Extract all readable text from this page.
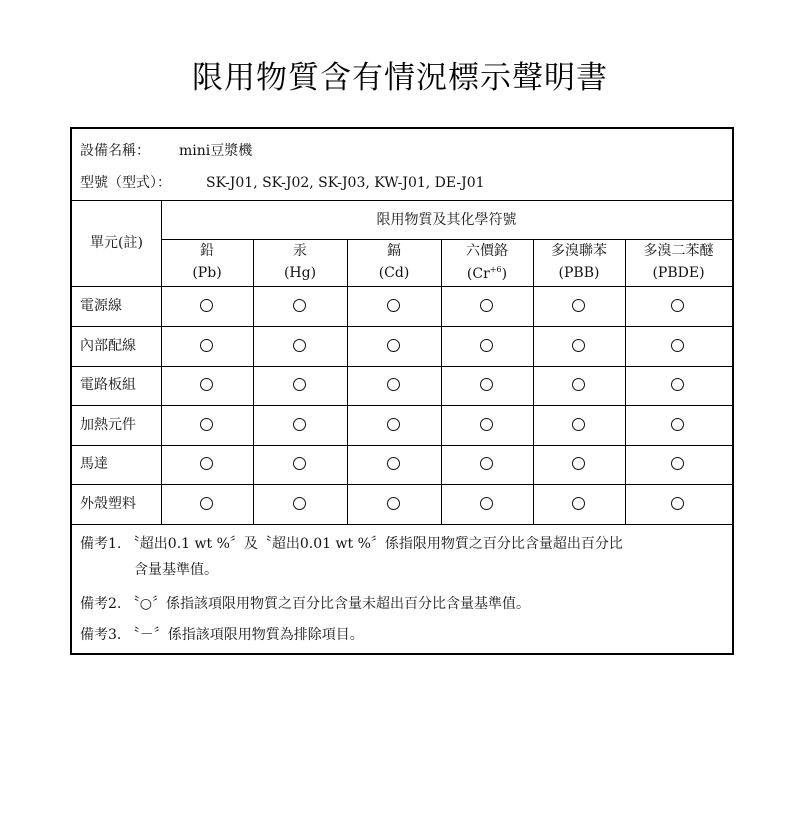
限用物質含有情況標示聲明書
設備名稱： mini豆漿機
型號（型式）：	SK-J01, SK-J02, SK-J03, KW-J01, DE-J01
單元(註)
限用物質及其化學符號
鉛
(Pb)
汞
(Hg)
鎘
(Cd)
六價鉻
$(Cr^{+6})$
多溴聯苯
(PBB)
多溴二苯醚
(PBDE)
電源線
內部配線
電路板組
加熱元件
馬達
外殼塑料
備考1. 〝超出0.1 wt %〞及〝超出0.01 wt %〞係指限用物質之百分比含量超出百分比
含量基準值。
備考2. 〝○〞係指該項限用物質之百分比含量未超出百分比含量基準值。
備考3. 〝－〞係指該項限用物質為排除項目。
